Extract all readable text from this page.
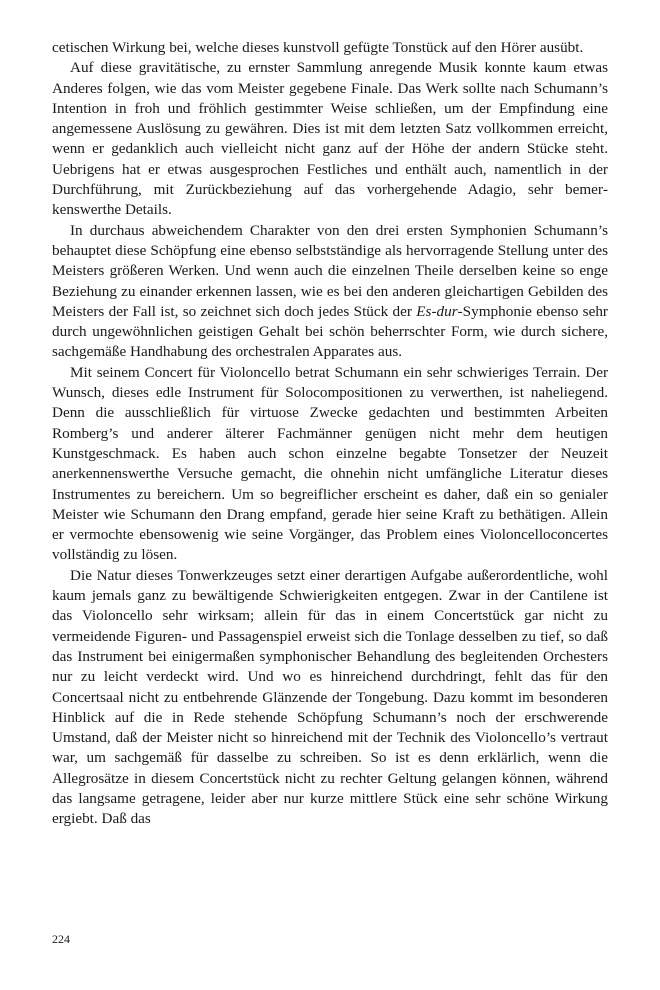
cetischen Wirkung bei, welche dieses kunstvoll gefügte Tonstück auf den Hörer ausübt.

Auf diese gravitätische, zu ernster Sammlung anregende Musik konnte kaum etwas Anderes folgen, wie das vom Meister gegebene Finale. Das Werk sollte nach Schumann’s Intention in froh und fröhlich gestimmter Weise schließen, um der Empfindung eine angemessene Auslösung zu gewähren. Dies ist mit dem letzten Satz vollkommen erreicht, wenn er gedanklich auch vielleicht nicht ganz auf der Höhe der andern Stücke steht. Uebrigens hat er etwas ausgesprochen Festliches und enthält auch, namentlich in der Durchführung, mit Zurückbeziehung auf das vorhergehende Adagio, sehr bemerkenswerthe Details.

In durchaus abweichendem Charakter von den drei ersten Symphonien Schumann’s behauptet diese Schöpfung eine ebenso selbstständige als hervorragende Stellung unter des Meisters größeren Werken. Und wenn auch die einzelnen Theile derselben keine so enge Beziehung zu einander erkennen lassen, wie es bei den anderen gleichartigen Gebilden des Meisters der Fall ist, so zeichnet sich doch jedes Stück der Es-dur-Symphonie ebenso sehr durch ungewöhnlichen geistigen Gehalt bei schön beherrschter Form, wie durch sichere, sachgemäße Handhabung des orchestralen Apparates aus.

Mit seinem Concert für Violoncello betrat Schumann ein sehr schwieriges Terrain. Der Wunsch, dieses edle Instrument für Solocompositionen zu verwerthen, ist naheliegend. Denn die ausschließlich für virtuose Zwecke gedachten und bestimmten Arbeiten Romberg’s und anderer älterer Fachmänner genügen nicht mehr dem heutigen Kunstgeschmack. Es haben auch schon einzelne begabte Tonsetzer der Neuzeit anerkennenswerthe Versuche gemacht, die ohnehin nicht umfängliche Literatur dieses Instrumentes zu bereichern. Um so begreiflicher erscheint es daher, daß ein so genialer Meister wie Schumann den Drang empfand, gerade hier seine Kraft zu bethätigen. Allein er vermochte ebensowenig wie seine Vorgänger, das Problem eines Violoncelloconcertes vollständig zu lösen.

Die Natur dieses Tonwerkzeuges setzt einer derartigen Aufgabe außerordentliche, wohl kaum jemals ganz zu bewältigende Schwierigkeiten entgegen. Zwar in der Cantilene ist das Violoncello sehr wirksam; allein für das in einem Concertstück gar nicht zu vermeidende Figuren- und Passagenspiel erweist sich die Tonlage desselben zu tief, so daß das Instrument bei einigermaßen symphonischer Behandlung des begleitenden Orchesters nur zu leicht verdeckt wird. Und wo es hinreichend durchdringt, fehlt das für den Concertsaal nicht zu entbehrende Glänzende der Tongebung. Dazu kommt im besonderen Hinblick auf die in Rede stehende Schöpfung Schumann’s noch der erschwerende Umstand, daß der Meister nicht so hinreichend mit der Technik des Violoncello’s vertraut war, um sachgemäß für dasselbe zu schreiben. So ist es denn erklärlich, wenn die Allegrosätze in diesem Concertstück nicht zu rechter Geltung gelangen können, während das langsame getragene, leider aber nur kurze mittlere Stück eine sehr schöne Wirkung ergiebt. Daß das

224
